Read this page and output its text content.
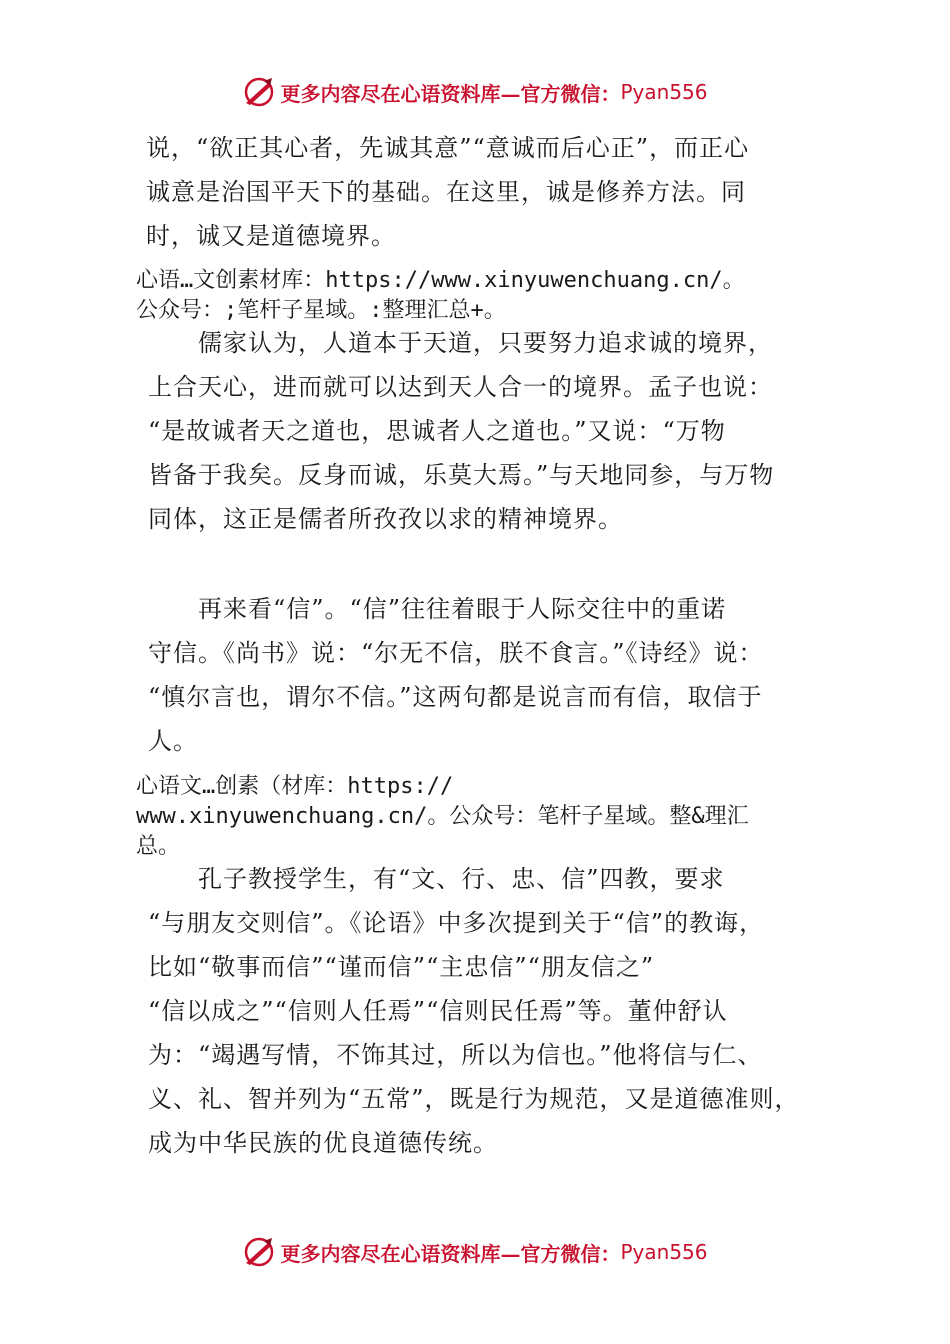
更多内容尽在心语资料库—官方微信： Pyan556
说，“欲正其心者，先诚其意”“意诚而后心正”，而正心
诚意是治国平天下的基础。在这里，诚是修养方法。同
时，诚又是道德境界。
心语…文创素材库：https://www.xinyuwenchuang.cn/。
公众号：;笔杆子星域。:整理汇总+。
　　儒家认为，人道本于天道，只要努力追求诚的境界，
上合天心，进而就可以达到天人合一的境界。孟子也说：
“是故诚者天之道也，思诚者人之道也。”又说：“万物
皆备于我矣。反身而诚，乐莫大焉。”与天地同参，与万物
同体，这正是儒者所孜孜以求的精神境界。
　　再来看“信”。“信”往往着眼于人际交往中的重诺
守信。《尚书》说：“尔无不信，朕不食言。”《诗经》说：
“慎尔言也，谓尔不信。”这两句都是说言而有信，取信于
人。
心语文…创素（材库：https://
www.xinyuwenchuang.cn/。公众号：笔杆子星域。整&理汇
总。
　　孔子教授学生，有“文、行、忠、信”四教，要求
“与朋友交则信”。《论语》中多次提到关于“信”的教诲，
比如“敬事而信”“谨而信”“主忠信”“朋友信之”
“信以成之”“信则人任焉”“信则民任焉”等。董仲舒认
为：“竭遇写情，不饰其过，所以为信也。”他将信与仁、
义、礼、智并列为“五常”，既是行为规范，又是道德准则，
成为中华民族的优良道德传统。
更多内容尽在心语资料库—官方微信： Pyan556
